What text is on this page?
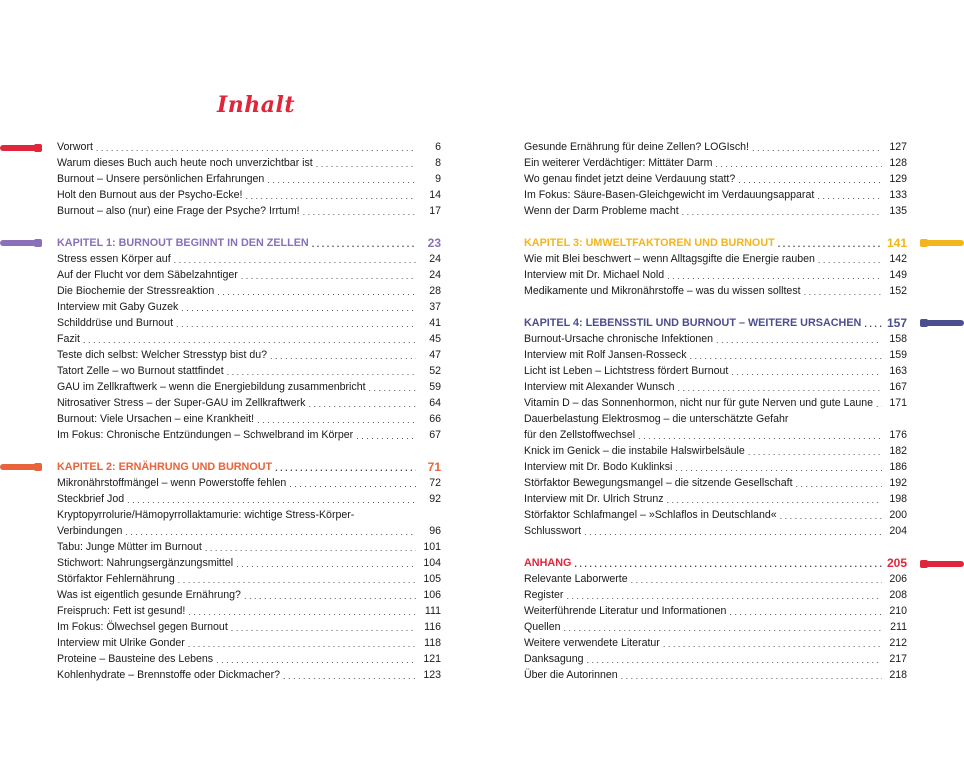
Inhalt
Vorwort . . .	6
Warum dieses Buch auch heute noch unverzichtbar ist . . .	8
Burnout – Unsere persönlichen Erfahrungen . . .	9
Holt den Burnout aus der Psycho-Ecke! . . .	14
Burnout – also (nur) eine Frage der Psyche? Irrtum! . . .	17
KAPITEL 1: BURNOUT BEGINNT IN DEN ZELLEN . . .	23
Stress essen Körper auf . . .	24
Auf der Flucht vor dem Säbelzahntiger . . .	24
Die Biochemie der Stressreaktion . . .	28
Interview mit Gaby Guzek . . .	37
Schilddrüse und Burnout . . .	41
Fazit . . .	45
Teste dich selbst: Welcher Stresstyp bist du? . . .	47
Tatort Zelle – wo Burnout stattfindet . . .	52
GAU im Zellkraftwerk – wenn die Energiebildung zusammenbricht . . .	59
Nitrosativer Stress – der Super-GAU im Zellkraftwerk . . .	64
Burnout: Viele Ursachen – eine Krankheit! . . .	66
Im Fokus: Chronische Entzündungen – Schwelbrand im Körper . . .	67
KAPITEL 2: ERNÄHRUNG UND BURNOUT . . .	71
Mikronährstoffmängel – wenn Powerstoffe fehlen . . .	72
Steckbrief Jod . . .	92
Kryptopyrrolurie/Hämopyrrollaktamurie: wichtige Stress-Körper-
Verbindungen . . .	96
Tabu: Junge Mütter im Burnout . . .	101
Stichwort: Nahrungsergänzungsmittel . . .	104
Störfaktor Fehlernährung . . .	105
Was ist eigentlich gesunde Ernährung? . . .	106
Freispruch: Fett ist gesund! . . .	111
Im Fokus: Ölwechsel gegen Burnout . . .	116
Interview mit Ulrike Gonder . . .	118
Proteine – Bausteine des Lebens . . .	121
Kohlenhydrate – Brennstoffe oder Dickmacher? . . .	123
Gesunde Ernährung für deine Zellen? LOGIsch! . . .	127
Ein weiterer Verdächtiger: Mittäter Darm . . .	128
Wo genau findet jetzt deine Verdauung statt? . . .	129
Im Fokus: Säure-Basen-Gleichgewicht im Verdauungsapparat . . .	133
Wenn der Darm Probleme macht . . .	135
KAPITEL 3: UMWELTFAKTOREN UND BURNOUT . . .	141
Wie mit Blei beschwert – wenn Alltagsgifte die Energie rauben . . .	142
Interview mit Dr. Michael Nold . . .	149
Medikamente und Mikronährstoffe – was du wissen solltest . . .	152
KAPITEL 4: LEBENSSTIL UND BURNOUT – WEITERE URSACHEN . . . 157
Burnout-Ursache chronische Infektionen . . .	158
Interview mit Rolf Jansen-Rosseck . . .	159
Licht ist Leben – Lichtstress fördert Burnout . . .	163
Interview mit Alexander Wunsch . . .	167
Vitamin D – das Sonnenhormon, nicht nur für gute Nerven und gute Laune . . .	171
Dauerbelastung Elektrosmog – die unterschätzte Gefahr
für den Zellstoffwechsel . . .	176
Knick im Genick – die instabile Halswirbelsäule . . .	182
Interview mit Dr. Bodo Kuklinksi . . .	186
Störfaktor Bewegungsmangel – die sitzende Gesellschaft . . .	192
Interview mit Dr. Ulrich Strunz . . .	198
Störfaktor Schlafmangel – »Schlaflos in Deutschland« . . .	200
Schlusswort . . .	204
ANHANG . . .	205
Relevante Laborwerte . . .	206
Register . . .	208
Weiterführende Literatur und Informationen . . .	210
Quellen . . .	211
Weitere verwendete Literatur . . .	212
Danksagung . . .	217
Über die Autorinnen . . .	218
